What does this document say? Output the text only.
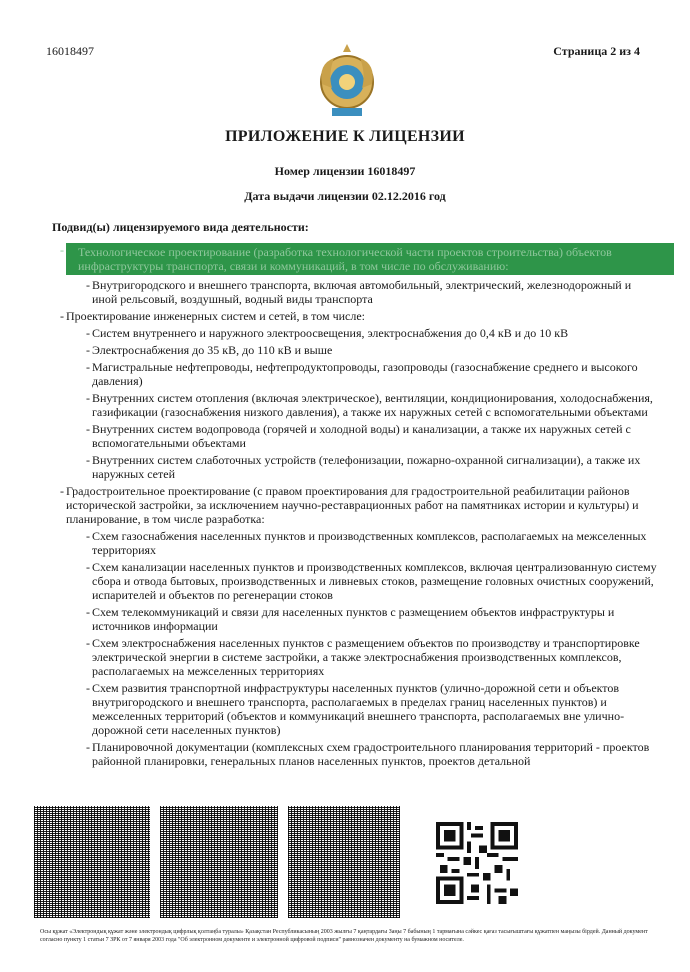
16018497	Страница 2 из 4
ПРИЛОЖЕНИЕ К ЛИЦЕНЗИИ
Номер лицензии 16018497
Дата выдачи лицензии 02.12.2016 год
Подвид(ы) лицензируемого вида деятельности:
- Технологическое проектирование (разработка технологической части проектов строительства) объектов инфраструктуры транспорта, связи и коммуникаций, в том числе по обслуживанию:
- Внутригородского и внешнего транспорта, включая автомобильный, электрический, железнодорожный и иной рельсовый, воздушный, водный виды транспорта
- Проектирование инженерных систем и сетей, в том числе:
- Систем внутреннего и наружного электроосвещения, электроснабжения до 0,4 кВ и до 10 кВ
- Электроснабжения до 35 кВ, до 110 кВ и выше
- Магистральные нефтепроводы, нефтепродуктопроводы, газопроводы (газоснабжение среднего и высокого давления)
- Внутренних систем отопления (включая электрическое), вентиляции, кондиционирования, холодоснабжения, газификации (газоснабжения низкого давления), а также их наружных сетей с вспомогательными объектами
- Внутренних систем водопровода (горячей и холодной воды) и канализации, а также их наружных сетей с вспомогательными объектами
- Внутренних систем слаботочных устройств (телефонизации, пожарно-охранной сигнализации), а также их наружных сетей
- Градостроительное проектирование (с правом проектирования для градостроительной реабилитации районов исторической застройки, за исключением научно-реставрационных работ на памятниках истории и культуры) и планирование, в том числе разработка:
- Схем газоснабжения населенных пунктов и производственных комплексов, располагаемых на межселенных территориях
- Схем канализации населенных пунктов и производственных комплексов, включая централизованную систему сбора и отвода бытовых, производственных и ливневых стоков, размещение головных очистных сооружений, испарителей и объектов по регенерации стоков
- Схем телекоммуникаций и связи для населенных пунктов с размещением объектов инфраструктуры и источников информации
- Схем электроснабжения населенных пунктов с размещением объектов по производству и транспортировке электрической энергии в системе застройки, а также электроснабжения производственных комплексов, располагаемых на межселенных территориях
- Схем развития транспортной инфраструктуры населенных пунктов (улично-дорожной сети и объектов внутригородского и внешнего транспорта, располагаемых в пределах границ населенных пунктов) и межселенных территорий (объектов и коммуникаций внешнего транспорта, располагаемых вне улично-дорожной сети населенных пунктов)
- Планировочной документации (комплексных схем градостроительного планирования территорий - проектов районной планировки, генеральных планов населенных пунктов, проектов детальной
Осы құжат «Электрондық құжат және электрондық цифрлық қолтаңба туралы» Қазақстан Республикасының 2003 жылғы 7 қаңтардағы Заңы 7 бабының 1 тармағына сәйкес қағаз тасығыштағы құжатпен маңызы бірдей. Данный документ согласно пункту 1 статьи 7 ЗРК от 7 января 2003 года "Об электронном документе и электронной цифровой подписи" равнозначен документу на бумажном носителе.
